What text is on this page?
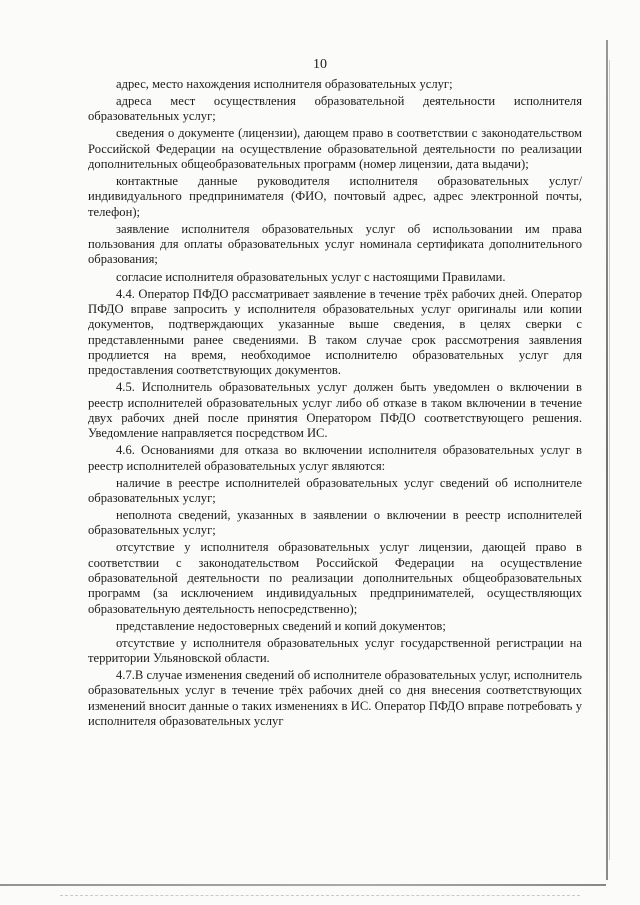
10

адрес, место нахождения исполнителя образовательных услуг;

адреса мест осуществления образовательной деятельности исполнителя образовательных услуг;

сведения о документе (лицензии), дающем право в соответствии с законодательством Российской Федерации на осуществление образовательной деятельности по реализации дополнительных общеобразовательных программ (номер лицензии, дата выдачи);

контактные данные руководителя исполнителя образовательных услуг/индивидуального предпринимателя (ФИО, почтовый адрес, адрес электронной почты, телефон);

заявление исполнителя образовательных услуг об использовании им права пользования для оплаты образовательных услуг номинала сертификата дополнительного образования;

согласие исполнителя образовательных услуг с настоящими Правилами.

4.4. Оператор ПФДО рассматривает заявление в течение трёх рабочих дней. Оператор ПФДО вправе запросить у исполнителя образовательных услуг оригиналы или копии документов, подтверждающих указанные выше сведения, в целях сверки с представленными ранее сведениями. В таком случае срок рассмотрения заявления продлиется на время, необходимое исполнителю образовательных услуг для предоставления соответствующих документов.

4.5. Исполнитель образовательных услуг должен быть уведомлен о включении в реестр исполнителей образовательных услуг либо об отказе в таком включении в течение двух рабочих дней после принятия Оператором ПФДО соответствующего решения. Уведомление направляется посредством ИС.

4.6. Основаниями для отказа во включении исполнителя образовательных услуг в реестр исполнителей образовательных услуг являются:

наличие в реестре исполнителей образовательных услуг сведений об исполнителе образовательных услуг;

неполнота сведений, указанных в заявлении о включении в реестр исполнителей образовательных услуг;

отсутствие у исполнителя образовательных услуг лицензии, дающей право в соответствии с законодательством Российской Федерации на осуществление образовательной деятельности по реализации дополнительных общеобразовательных программ (за исключением индивидуальных предпринимателей, осуществляющих образовательную деятельность непосредственно);

представление недостоверных сведений и копий документов;

отсутствие у исполнителя образовательных услуг государственной регистрации на территории Ульяновской области.

4.7.В случае изменения сведений об исполнителе образовательных услуг, исполнитель образовательных услуг в течение трёх рабочих дней со дня внесения соответствующих изменений вносит данные о таких изменениях в ИС. Оператор ПФДО вправе потребовать у исполнителя образовательных услуг
